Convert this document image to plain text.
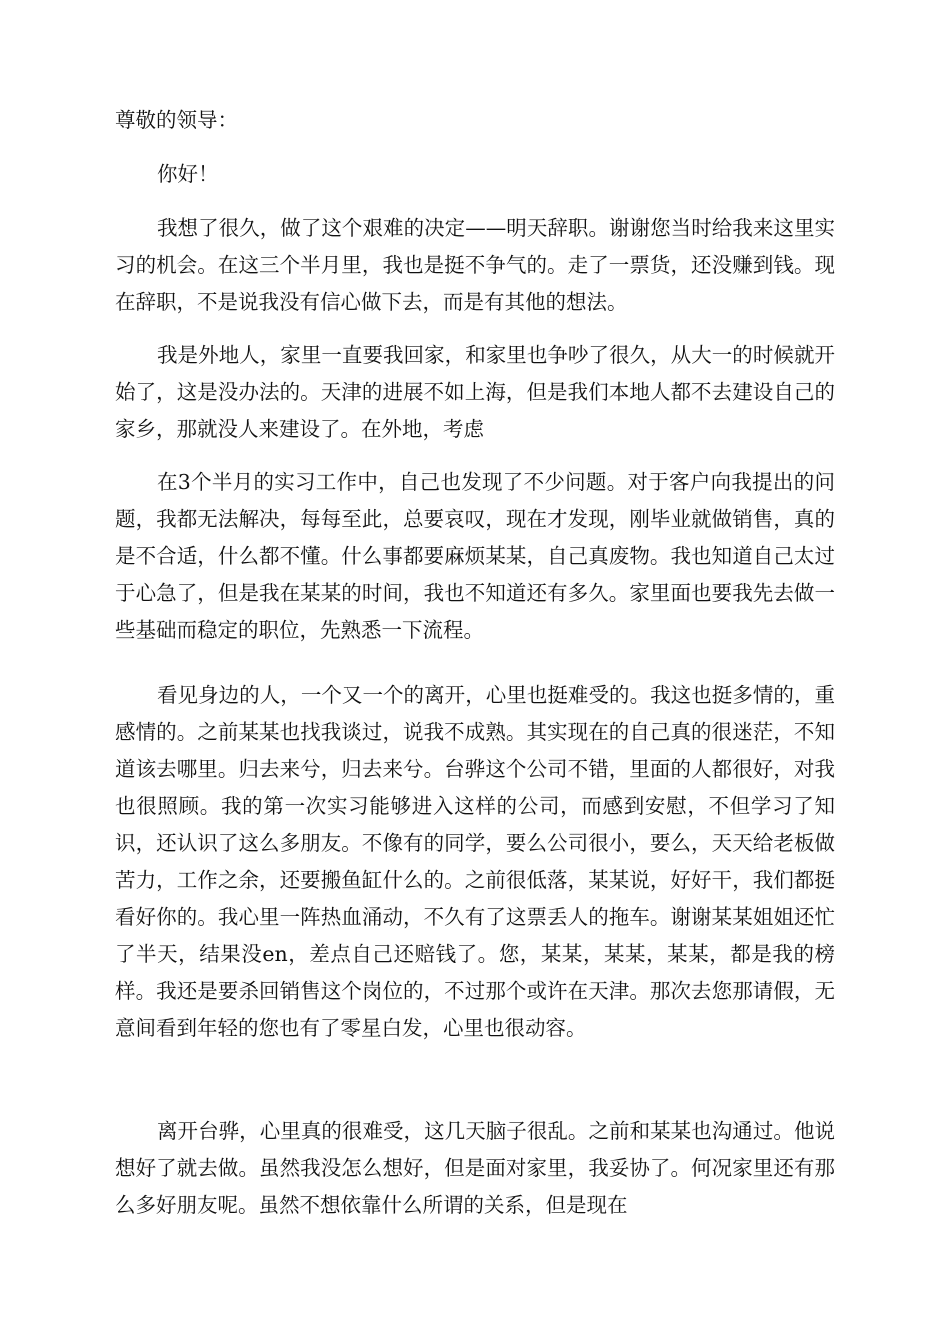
尊敬的领导：
你好！

我想了很久，做了这个艰难的决定——明天辞职。谢谢您当时给我来这里实习的机会。在这三个半月里，我也是挺不争气的。走了一票货，还没赚到钱。现在辞职，不是说我没有信心做下去，而是有其他的想法。

我是外地人，家里一直要我回家，和家里也争吵了很久，从大一的时候就开始了，这是没办法的。天津的进展不如上海，但是我们本地人都不去建设自己的家乡，那就没人来建设了。在外地，考虑

在3个半月的实习工作中，自己也发现了不少问题。对于客户向我提出的问题，我都无法解决，每每至此，总要哀叹，现在才发现，刚毕业就做销售，真的是不合适，什么都不懂。什么事都要麻烦某某，自己真废物。我也知道自己太过于心急了，但是我在某某的时间，我也不知道还有多久。家里面也要我先去做一些基础而稳定的职位，先熟悉一下流程。

看见身边的人，一个又一个的离开，心里也挺难受的。我这也挺多情的，重感情的。之前某某也找我谈过，说我不成熟。其实现在的自己真的很迷茫，不知道该去哪里。归去来兮，归去来兮。台骅这个公司不错，里面的人都很好，对我也很照顾。我的第一次实习能够进入这样的公司，而感到安慰，不但学习了知识，还认识了这么多朋友。不像有的同学，要么公司很小，要么，天天给老板做苦力，工作之余，还要搬鱼缸什么的。之前很低落，某某说，好好干，我们都挺看好你的。我心里一阵热血涌动，不久有了这票丢人的拖车。谢谢某某姐姐还忙了半天，结果没en，差点自己还赔钱了。您，某某，某某，某某，都是我的榜样。我还是要杀回销售这个岗位的，不过那个或许在天津。那次去您那请假，无意间看到年轻的您也有了零星白发，心里也很动容。

离开台骅，心里真的很难受，这几天脑子很乱。之前和某某也沟通过。他说想好了就去做。虽然我没怎么想好，但是面对家里，我妥协了。何况家里还有那么多好朋友呢。虽然不想依靠什么所谓的关系，但是现在
